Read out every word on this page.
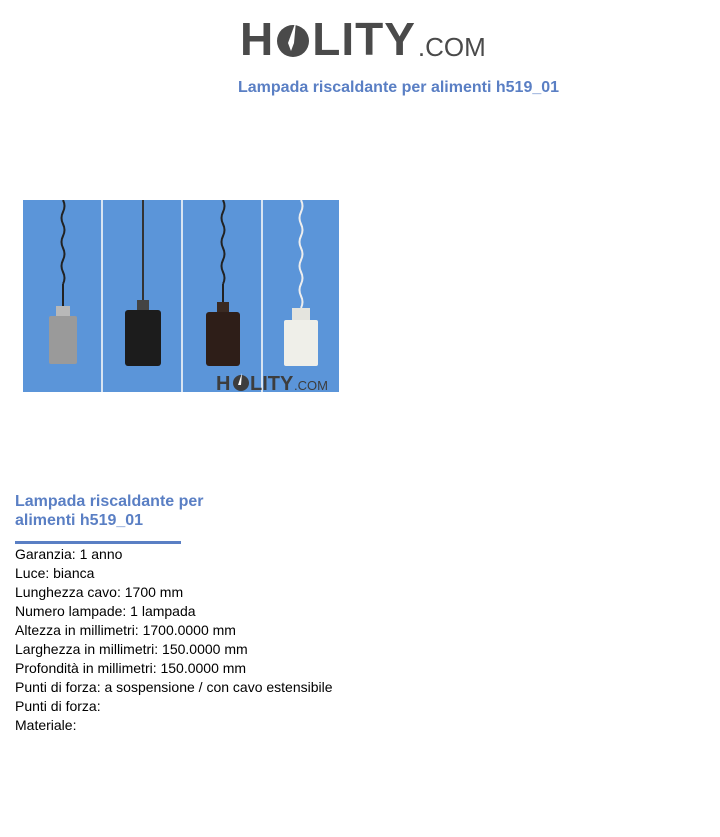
H LITY .COM
Lampada riscaldante per alimenti h519_01
H LITY .COM
Lampada riscaldante per alimenti h519_01
Garanzia: 1 anno
Luce: bianca
Lunghezza cavo: 1700 mm
Numero lampade: 1 lampada
Altezza in millimetri: 1700.0000 mm
Larghezza in millimetri: 150.0000 mm
Profondità in millimetri: 150.0000 mm
Punti di forza: a sospensione / con cavo estensibile
Punti di forza:
Materiale:
